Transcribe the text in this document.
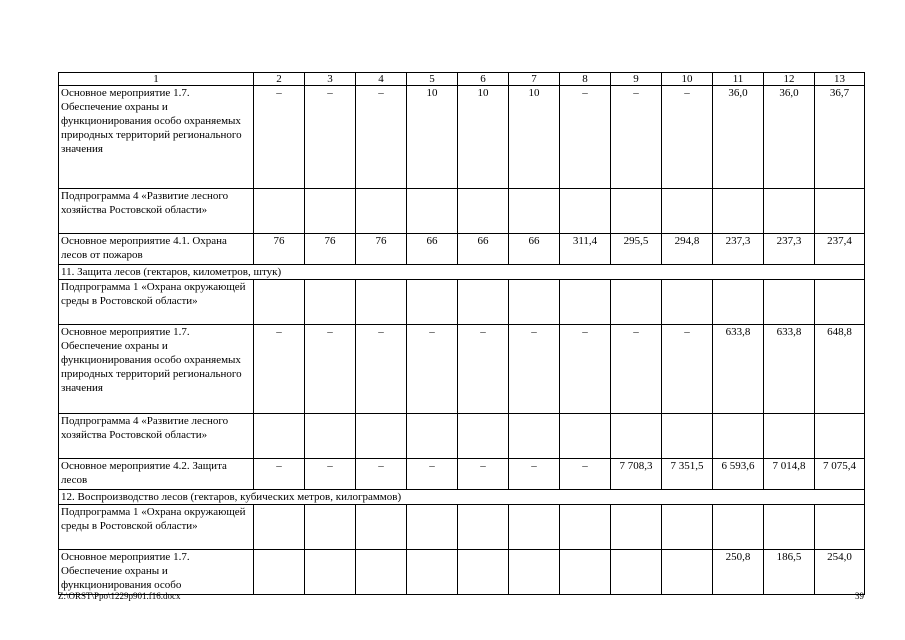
1	2	3	4	5	6	7	8	9	10	11	12	13
Основное мероприятие 1.7. Обеспечение охраны и функционирования особо охраняемых природных территорий регионального значения	–	–	–	10	10	10	–	–	–	36,0	36,0	36,7
Подпрограмма 4 «Развитие лесного хозяйства Ростовской области»												
Основное мероприятие 4.1. Охрана лесов от пожаров	76	76	76	66	66	66	311,4	295,5	294,8	237,3	237,3	237,4
11. Защита лесов (гектаров, километров, штук)												
Подпрограмма 1 «Охрана окружающей среды в Ростовской области»												
Основное мероприятие 1.7. Обеспечение охраны и функционирования особо охраняемых природных территорий регионального значения	–	–	–	–	–	–	–	–	–	633,8	633,8	648,8
Подпрограмма 4 «Развитие лесного хозяйства Ростовской области»												
Основное мероприятие 4.2. Защита лесов	–	–	–	–	–	–	–	7 708,3	7 351,5	6 593,6	7 014,8	7 075,4
12. Воспроизводство лесов (гектаров, кубических метров, килограммов)												
Подпрограмма 1 «Охрана окружающей среды в Ростовской области»												
Основное мероприятие 1.7. Обеспечение охраны и функционирования особо										250,8	186,5	254,0
Z:\ORST\Ppo\1229p901.f16.docx	39
